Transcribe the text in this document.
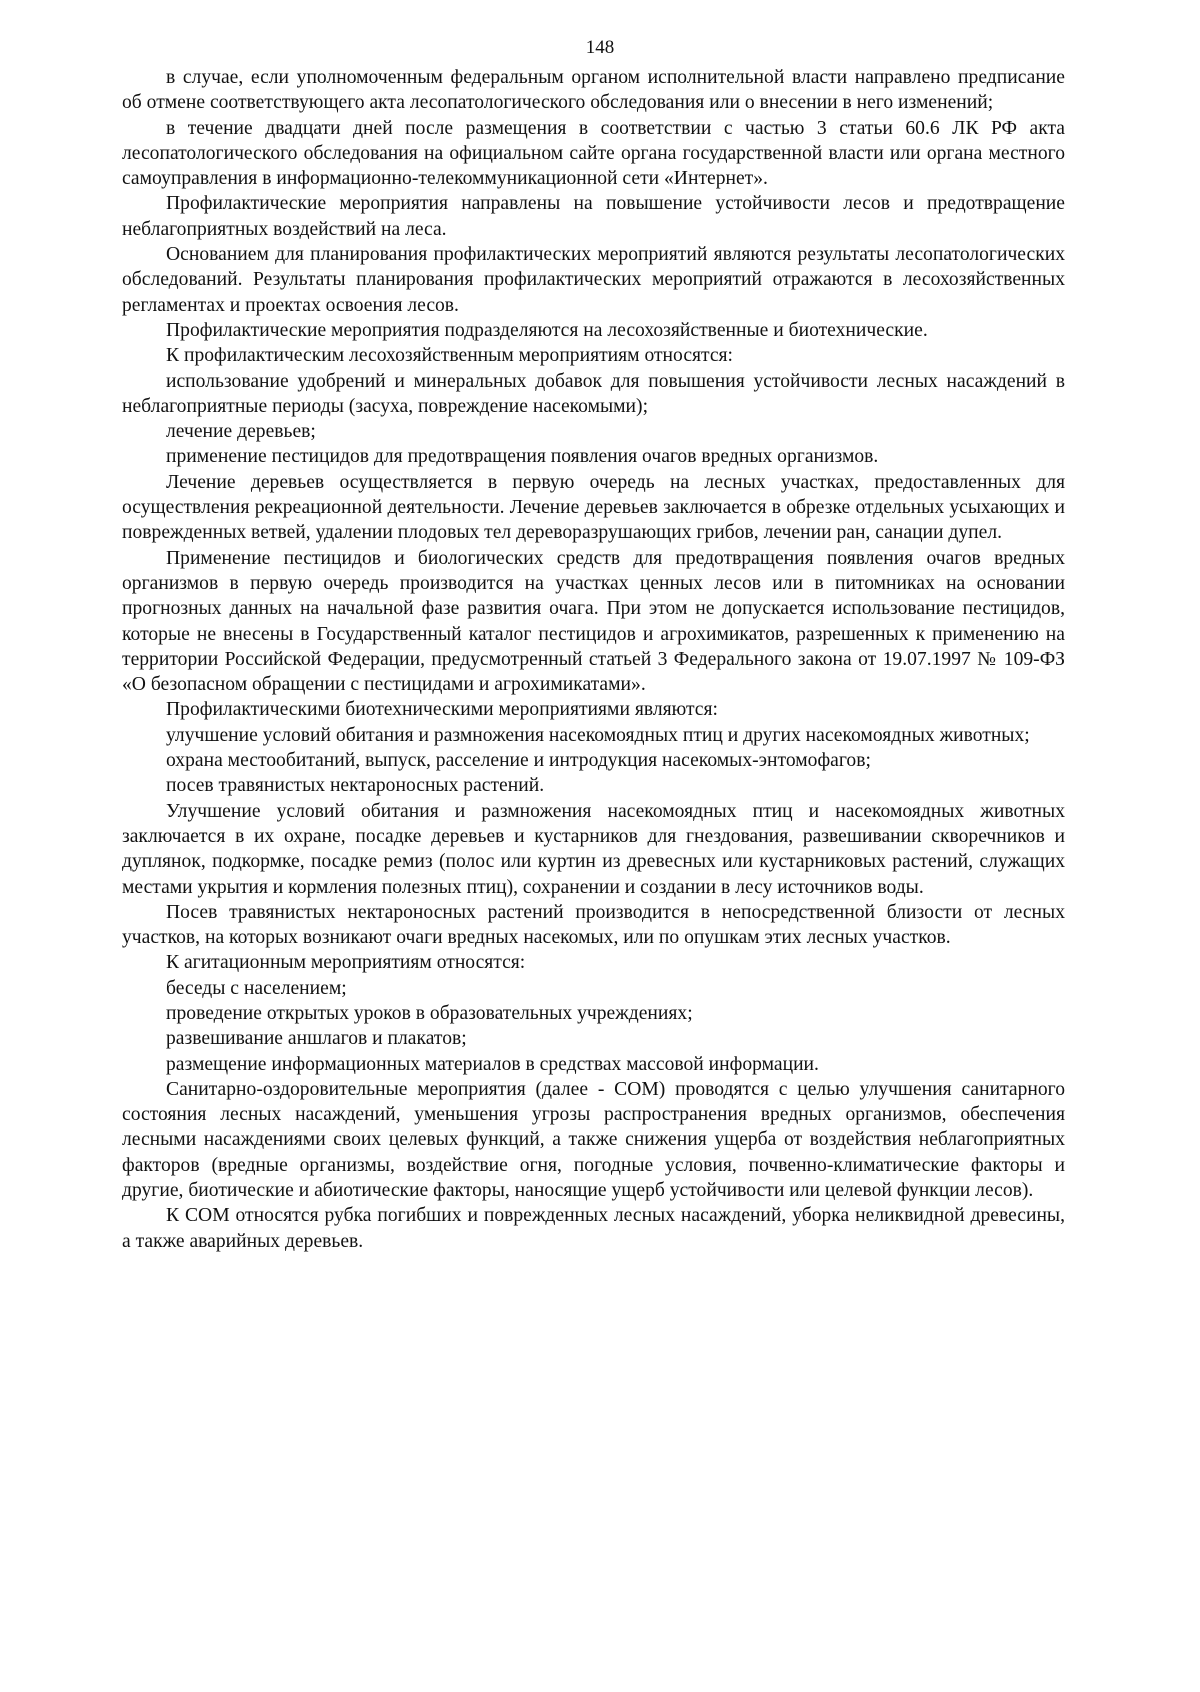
148

в случае, если уполномоченным федеральным органом исполнительной власти направлено предписание об отмене соответствующего акта лесопатологического обследования или о внесении в него изменений;

в течение двадцати дней после размещения в соответствии с частью 3 статьи 60.6 ЛК РФ акта лесопатологического обследования на официальном сайте органа государственной власти или органа местного самоуправления в информационно-телекоммуникационной сети «Интернет».

Профилактические мероприятия направлены на повышение устойчивости лесов и предотвращение неблагоприятных воздействий на леса.

Основанием для планирования профилактических мероприятий являются результаты лесопатологических обследований. Результаты планирования профилактических мероприятий отражаются в лесохозяйственных регламентах и проектах освоения лесов.

Профилактические мероприятия подразделяются на лесохозяйственные и биотехнические.

К профилактическим лесохозяйственным мероприятиям относятся:

использование удобрений и минеральных добавок для повышения устойчивости лесных насаждений в неблагоприятные периоды (засуха, повреждение насекомыми);

лечение деревьев;

применение пестицидов для предотвращения появления очагов вредных организмов.

Лечение деревьев осуществляется в первую очередь на лесных участках, предоставленных для осуществления рекреационной деятельности. Лечение деревьев заключается в обрезке отдельных усыхающих и поврежденных ветвей, удалении плодовых тел дереворазрушающих грибов, лечении ран, санации дупел.

Применение пестицидов и биологических средств для предотвращения появления очагов вредных организмов в первую очередь производится на участках ценных лесов или в питомниках на основании прогнозных данных на начальной фазе развития очага. При этом не допускается использование пестицидов, которые не внесены в Государственный каталог пестицидов и агрохимикатов, разрешенных к применению на территории Российской Федерации, предусмотренный статьей 3 Федерального закона от 19.07.1997 № 109-ФЗ «О безопасном обращении с пестицидами и агрохимикатами».

Профилактическими биотехническими мероприятиями являются:

улучшение условий обитания и размножения насекомоядных птиц и других насекомоядных животных;

охрана местообитаний, выпуск, расселение и интродукция насекомых-энтомофагов;

посев травянистых нектароносных растений.

Улучшение условий обитания и размножения насекомоядных птиц и насекомоядных животных заключается в их охране, посадке деревьев и кустарников для гнездования, развешивании скворечников и дуплянок, подкормке, посадке ремиз (полос или куртин из древесных или кустарниковых растений, служащих местами укрытия и кормления полезных птиц), сохранении и создании в лесу источников воды.

Посев травянистых нектароносных растений производится в непосредственной близости от лесных участков, на которых возникают очаги вредных насекомых, или по опушкам этих лесных участков.

К агитационным мероприятиям относятся:

беседы с населением;

проведение открытых уроков в образовательных учреждениях;

развешивание аншлагов и плакатов;

размещение информационных материалов в средствах массовой информации.

Санитарно-оздоровительные мероприятия (далее - СОМ) проводятся с целью улучшения санитарного состояния лесных насаждений, уменьшения угрозы распространения вредных организмов, обеспечения лесными насаждениями своих целевых функций, а также снижения ущерба от воздействия неблагоприятных факторов (вредные организмы, воздействие огня, погодные условия, почвенно-климатические факторы и другие, биотические и абиотические факторы, наносящие ущерб устойчивости или целевой функции лесов).

К СОМ относятся рубка погибших и поврежденных лесных насаждений, уборка неликвидной древесины, а также аварийных деревьев.
